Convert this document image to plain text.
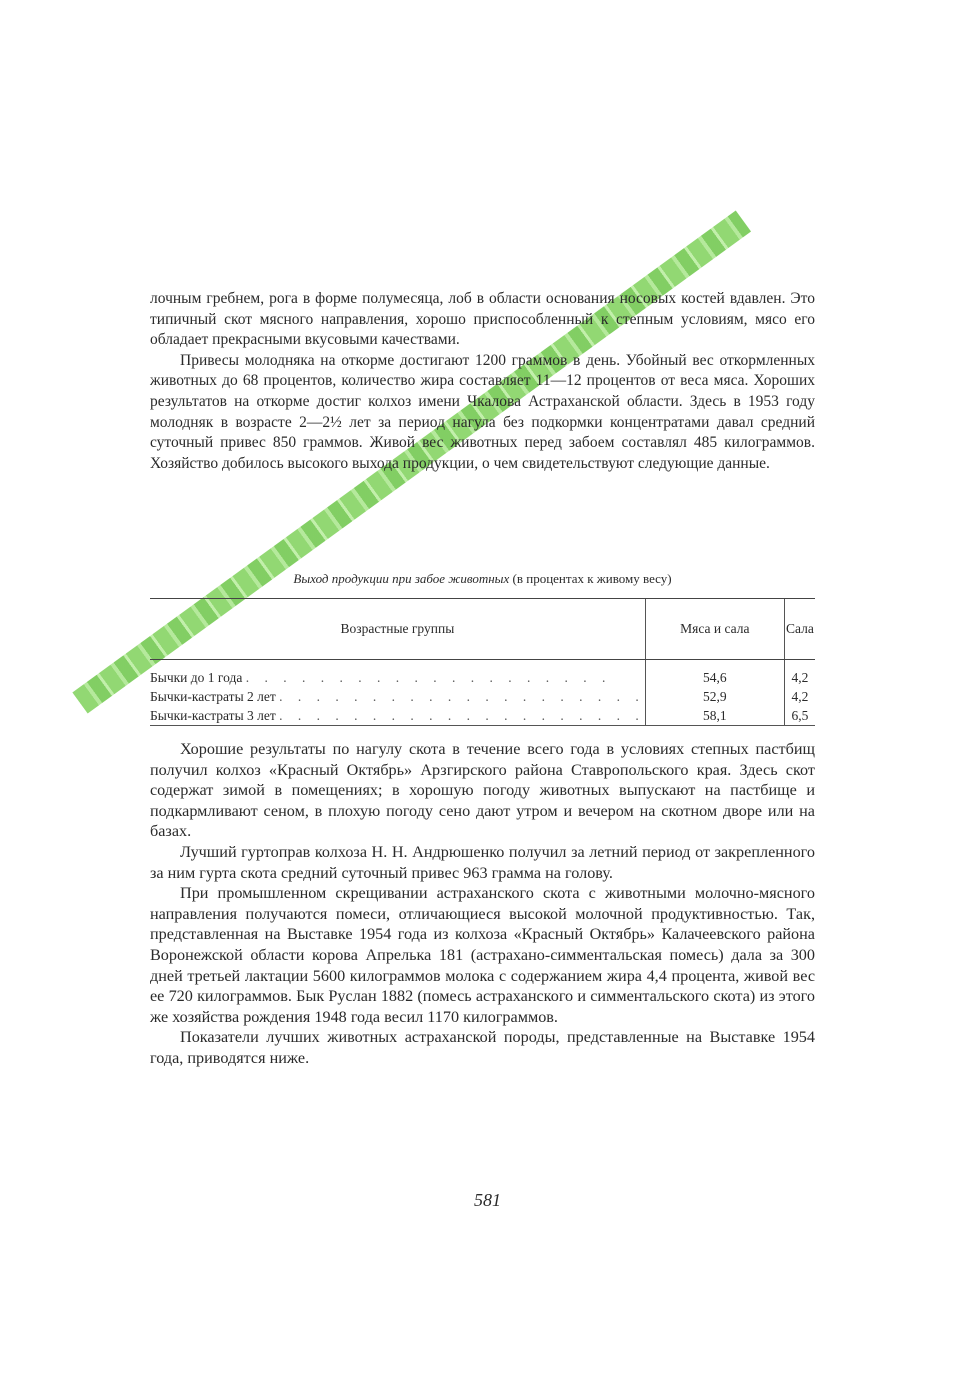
лочным гребнем, рога в форме полумесяца, лоб в области основания носовых костей вдавлен. Это типичный скот мясного направления, хорошо приспособленный к степным условиям, мясо его обладает прекрасными вкусовыми качествами.

Привесы молодняка на откорме достигают 1200 граммов в день. Убойный вес откормленных животных до 68 процентов, количество жира составляет 11—12 процентов от веса мяса. Хороших результатов на откорме достиг колхоз имени Чкалова Астраханской области. Здесь в 1953 году молодняк в возрасте 2—2½ лет за период нагула без подкормки концентратами давал средний суточный привес 850 граммов. Живой вес животных перед забоем составлял 485 килограммов. Хозяйство добилось высокого выхода продукции, о чем свидетельствуют следующие данные.

Выход продукции при забое животных (в процентах к живому весу)
Возрастные группы	Мяса и сала	Сала
Бычки до 1 года . . . . . . . . . . . . . . . . . . . .	54,6	4,2
Бычки-кастраты 2 лет . . . . . . . . . . . . . . . . . . . .	52,9	4,2
Бычки-кастраты 3 лет . . . . . . . . . . . . . . . . . . . .	58,1	6,5

Хорошие результаты по нагулу скота в течение всего года в условиях степных пастбищ получил колхоз «Красный Октябрь» Арзгирского района Ставропольского края. Здесь скот содержат зимой в помещениях; в хорошую погоду животных выпускают на пастбище и подкармливают сеном, в плохую погоду сено дают утром и вечером на скотном дворе или на базах.

Лучший гуртоправ колхоза Н. Н. Андрюшенко получил за летний период от закрепленного за ним гурта скота средний суточный привес 963 грамма на голову.

При промышленном скрещивании астраханского скота с животными молочно-мясного направления получаются помеси, отличающиеся высокой молочной продуктивностью. Так, представленная на Выставке 1954 года из колхоза «Красный Октябрь» Калачеевского района Воронежской области корова Апрелька 181 (астрахано-симментальская помесь) дала за 300 дней третьей лактации 5600 килограммов молока с содержанием жира 4,4 процента, живой вес ее 720 килограммов. Бык Руслан 1882 (помесь астраханского и симментальского скота) из этого же хозяйства рождения 1948 года весил 1170 килограммов.

Показатели лучших животных астраханской породы, представленные на Выставке 1954 года, приводятся ниже.

581
